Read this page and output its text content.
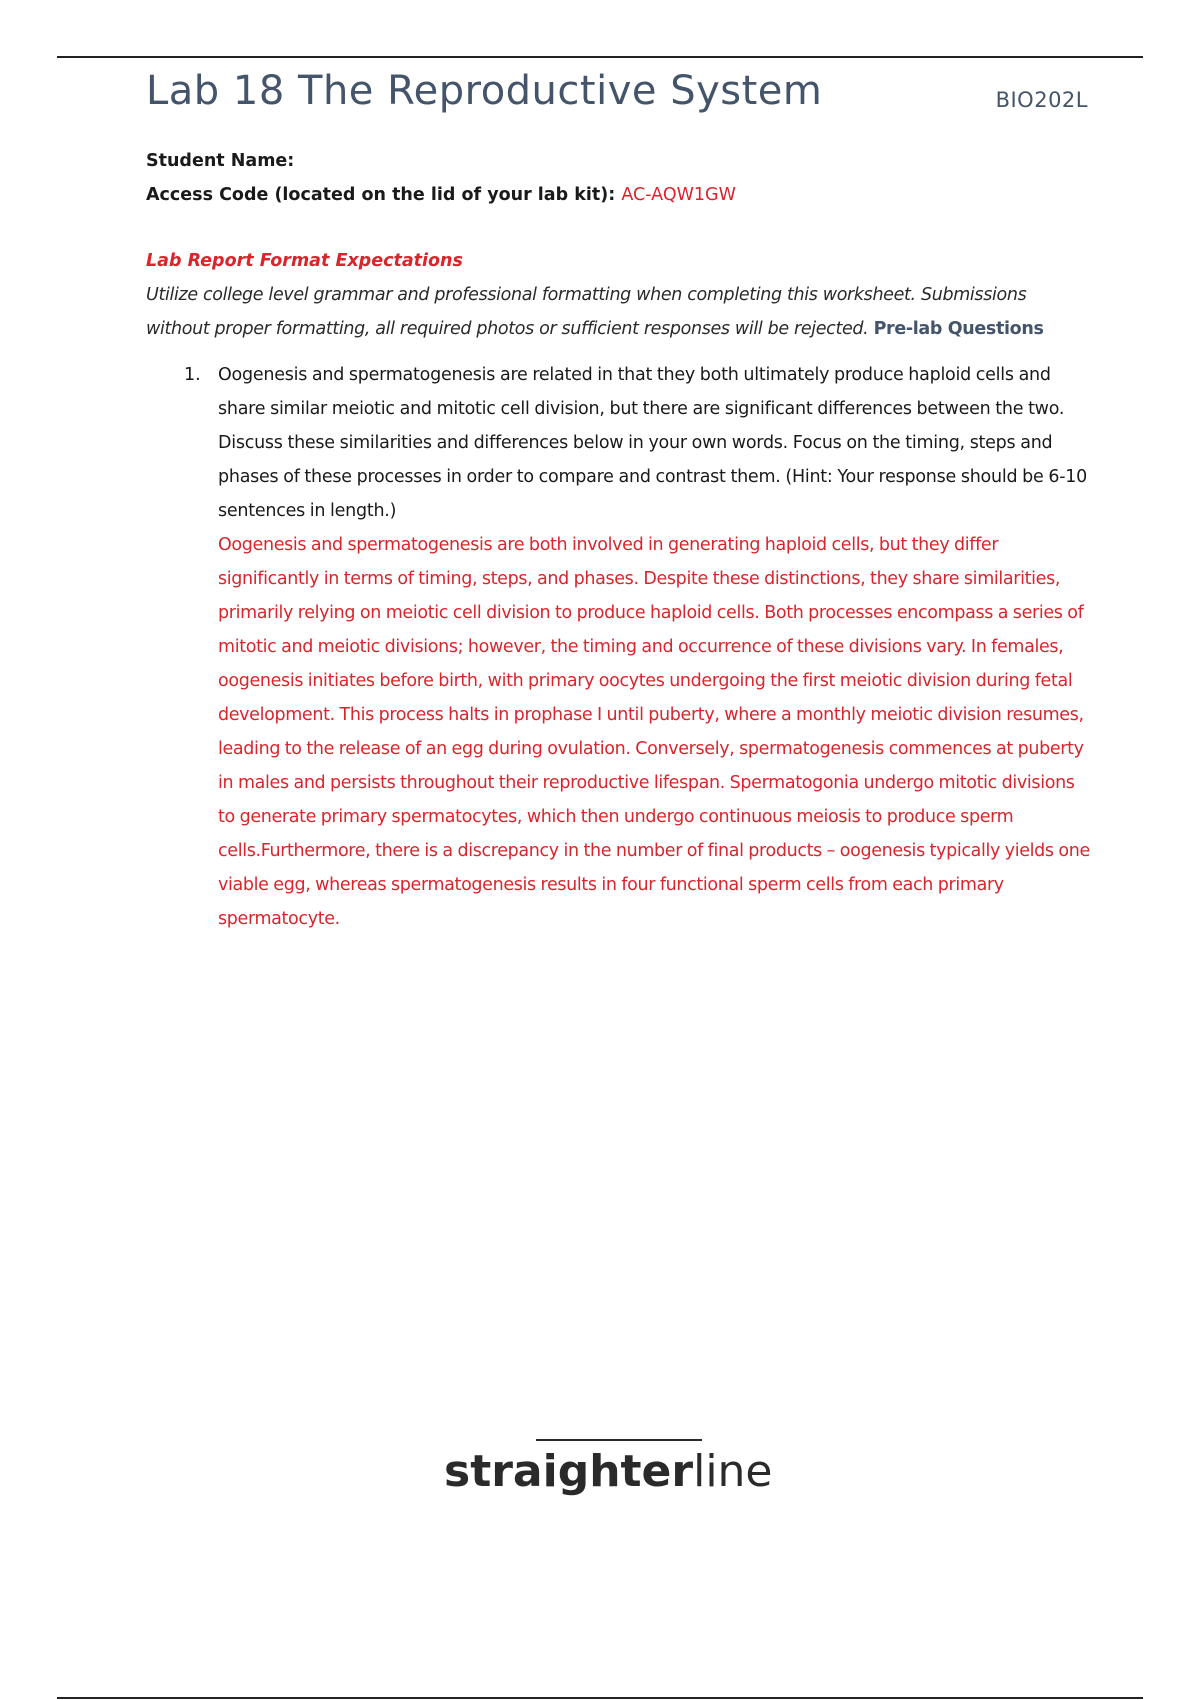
Lab 18 The Reproductive System	BIO202L
Student Name:
Access Code (located on the lid of your lab kit): AC-AQW1GW
Lab Report Format Expectations
Utilize college level grammar and professional formatting when completing this worksheet. Submissions without proper formatting, all required photos or sufficient responses will be rejected. Pre-lab Questions
1. Oogenesis and spermatogenesis are related in that they both ultimately produce haploid cells and share similar meiotic and mitotic cell division, but there are significant differences between the two. Discuss these similarities and differences below in your own words. Focus on the timing, steps and phases of these processes in order to compare and contrast them. (Hint: Your response should be 6-10 sentences in length.)
Oogenesis and spermatogenesis are both involved in generating haploid cells, but they differ significantly in terms of timing, steps, and phases. Despite these distinctions, they share similarities, primarily relying on meiotic cell division to produce haploid cells. Both processes encompass a series of mitotic and meiotic divisions; however, the timing and occurrence of these divisions vary. In females, oogenesis initiates before birth, with primary oocytes undergoing the first meiotic division during fetal development. This process halts in prophase I until puberty, where a monthly meiotic division resumes, leading to the release of an egg during ovulation. Conversely, spermatogenesis commences at puberty in males and persists throughout their reproductive lifespan. Spermatogonia undergo mitotic divisions to generate primary spermatocytes, which then undergo continuous meiosis to produce sperm cells.Furthermore, there is a discrepancy in the number of final products – oogenesis typically yields one viable egg, whereas spermatogenesis results in four functional sperm cells from each primary spermatocyte.
straighterline
